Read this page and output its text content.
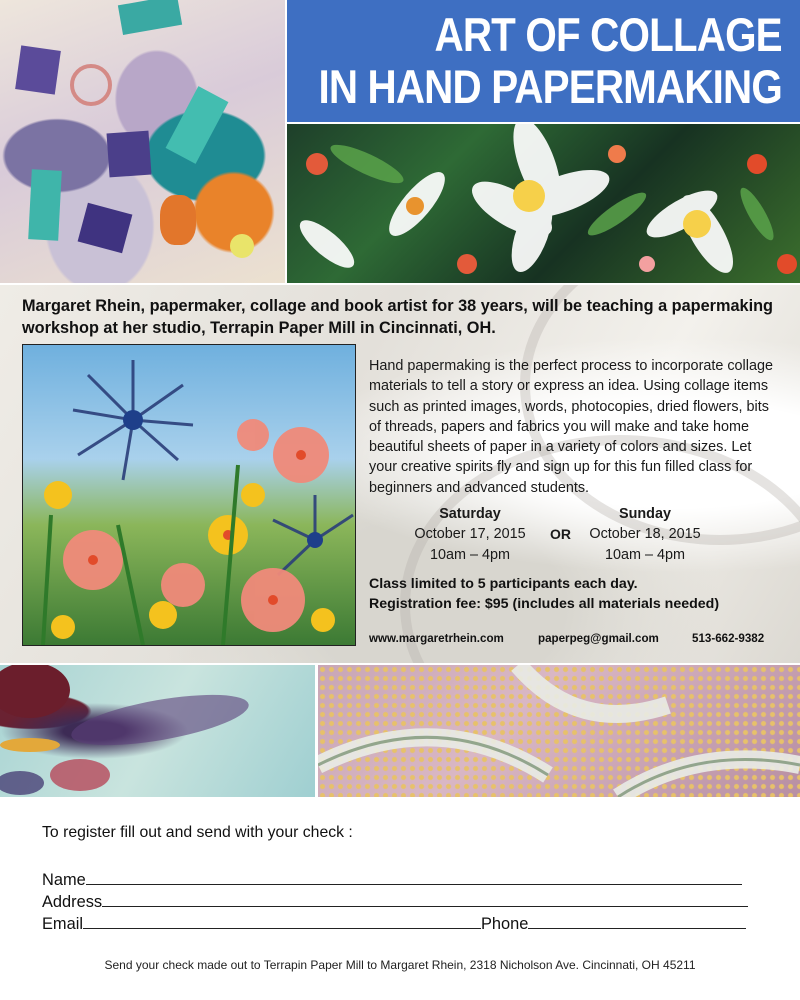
ART OF COLLAGE
IN HAND PAPERMAKING
Margaret Rhein, papermaker, collage and book artist for 38 years, will be teaching a papermaking workshop at her studio, Terrapin Paper Mill in Cincinnati, OH.
Hand papermaking is the perfect process to incorporate collage materials to tell a story or express an idea. Using collage items such as printed images, words, photocopies, dried flowers, bits of threads, papers and fabrics you will make and take home beautiful sheets of paper in a variety of colors and sizes. Let your creative spirits fly and sign up for this fun filled class for beginners and advanced students.
Saturday
October 17, 2015
10am – 4pm
OR
Sunday
October 18, 2015
10am – 4pm
Class limited to 5 participants each day.
Registration fee: $95 (includes all materials needed)
www.margaretrhein.com	paperpeg@gmail.com	513-662-9382
To register fill out and send with your check :
Name
Address
Email	Phone
Send your check made out to Terrapin Paper Mill to Margaret Rhein, 2318 Nicholson Ave. Cincinnati, OH 45211
